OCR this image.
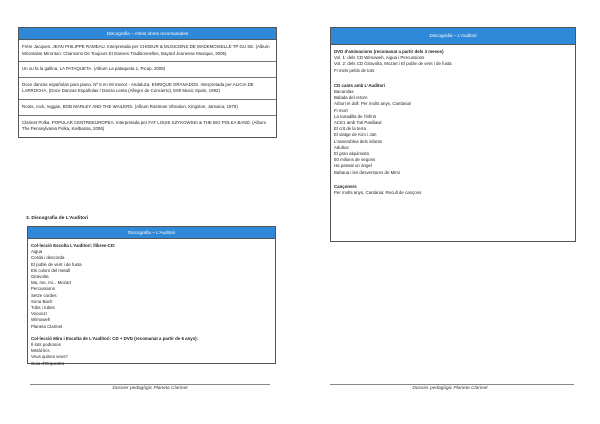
Discografia – Altres obres recomanades
Frère Jacques. JEAN PHILIPPE RAMEAU. Interpretada per CHOEUR & MUSICIENS DE MADEMOISELLE TP GU SE. (Album Mirontaine Mironton: Chansons De Toujours Et Danses Traditionnelles, Bayard Jeunesse Musique, 2005)
Un ou fa la gallina, LA PATAQUETA. (Album La pataqueta 1, Picap, 2008)
Doce danzas españolas para piano. Nº 5 en Mi menor - Andaluza, ENRIQUE GRANADOS. Interpretada per ALICIA DE LARROCHA. (Doce Danzas Españolas / Danza Lenta (Allegro de Concierto), EMI Music Spain, 1992)
Roots, rock, reggae, BOB MARLEY AND THE WAILERS. (Album Rastman Vibration, Kingston, Jamaica, 1976)
Clarinet Polka. POPULAR CENTREEUROPEA. Interpretada per FAT LOUIE SZYKOWSKI & THE BIG POLKA BAND. (Album The Pennsylvania Polka, Kielbassa, 2006)
3. Discografia de L'Auditori
Discografia – L'Auditori
Col·lecció Escolta L'Auditori: llibres-CD:
Aigua
Corda i descorda
El poble de vent i de fusta
Els colors del metall
Giravolta
Ma, me, mi... Mozart
Percussions
Setze cordes
Sona Bach
Tubs i tubes
Vooooz!
Wimoweh
Planeta Clarinet
Col·lecció Mira i Escolta de L'Auditori: CD + DVD (recomanat a partir de 6 anys):
Il·lots podrosos
Metàl·lics
Veus quines veus?
Guia d'Orquestra
Dossier pedagògic Planeta Clarinet
Discografia – L'Auditori
DVD d'animacions (recomanat a partir dels 3 mesos)
Vol. 1: dels CD Wimoweh, Aigua i Percussions
Vol. 2: dels CD Giravolta, Mozart i El poble de vent i de fusta
Fi mels petits de tots
CD cants amb L'Auditori
Bacarolas
Balada del retorn
Arbori el doll: Per molts anys, Cantània!
Fi mort
La tonadilla de l'infinit
ACE1 amb Toti Pasiliawi
El crit de la terra
El viatge de Kiro i Jan
L'assemblea dels infants
Adultus
El gran alquimista
50 milions de segons
Ha passat un àngel
Babaua i les desventures de Mimi
Cançoners
Per molts anys, Cantània: Recull de cançons
Dossier pedagògic Planeta Clarinet
